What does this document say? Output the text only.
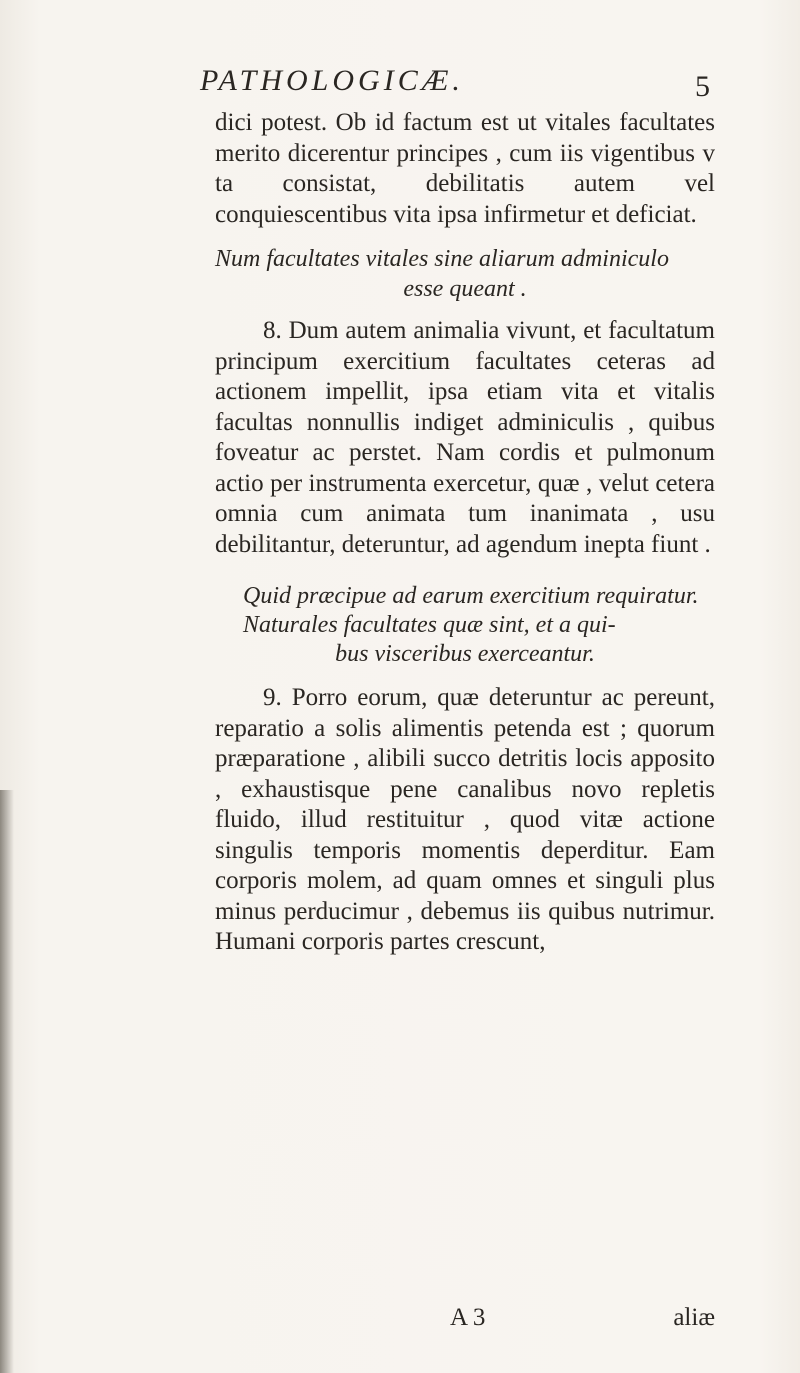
PATHOLOGICÆ.	5

dici potest. Ob id factum est ut vitales facultates merito dicerentur principes , cum iis vigentibus v ta consistat, debilitatis autem vel conquiescentibus vita ipsa infirmetur et deficiat.

Num facultates vitales sine aliarum adminiculo
esse queant .

8. Dum autem animalia vivunt, et facultatum principum exercitium facultates ceteras ad actionem impellit, ipsa etiam vita et vitalis facultas nonnullis indiget adminiculis , quibus foveatur ac perstet. Nam cordis et pulmonum actio per instrumenta exercetur, quæ , velut cetera omnia cum animata tum inanimata , usu debilitantur, deteruntur, ad agendum inepta fiunt .

Quid præcipue ad earum exercitium requiratur.
Naturales facultates quæ sint, et a qui-
bus visceribus exerceantur.

9. Porro eorum, quæ deteruntur ac pereunt, reparatio a solis alimentis petenda est ; quorum præparatione , alibili succo detritis locis apposito , exhaustisque pene canalibus novo repletis fluido, illud restituitur , quod vitæ actione singulis temporis momentis deperditur. Eam corporis molem, ad quam omnes et singuli plus minus perducimur , debemus iis quibus nutrimur. Humani corporis partes crescunt,

A 3	aliæ
